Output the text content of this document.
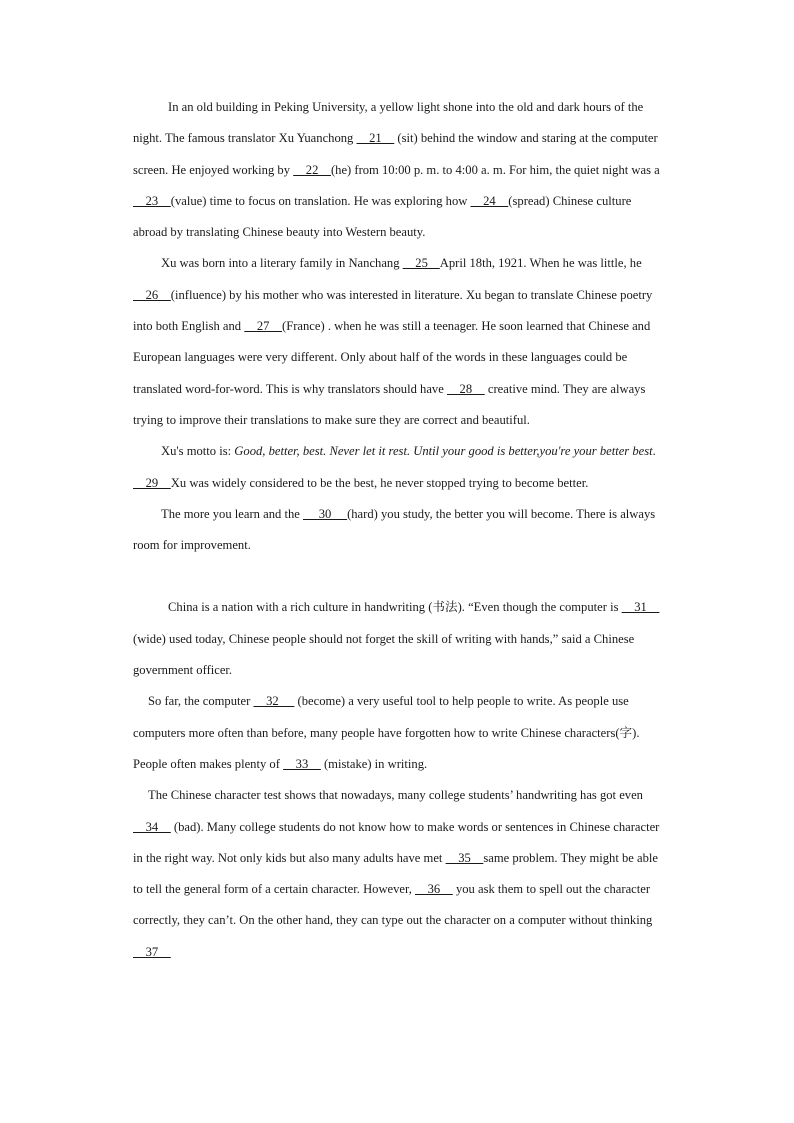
In an old building in Peking University, a yellow light shone into the old and dark hours of the night. The famous translator Xu Yuanchong     21     (sit) behind the window and staring at the computer screen. He enjoyed working by     22    (he) from 10:00 p. m. to 4:00 a. m. For him, the quiet night was a     23    (value) time to focus on translation. He was exploring how     24    (spread) Chinese culture abroad by translating Chinese beauty into Western beauty.

Xu was born into a literary family in Nanchang     25    April 18th, 1921. When he was little, he     26    (influence) by his mother who was interested in literature. Xu began to translate Chinese poetry into both English and     27    (France) . when he was still a teenager. He soon learned that Chinese and European languages were very different. Only about half of the words in these languages could be translated word-for-word. This is why translators should have     28     creative mind. They are always trying to improve their translations to make sure they are correct and beautiful.

Xu's motto is: Good, better, best. Never let it rest. Until your good is better,you're your better best.     29    Xu was widely considered to be the best, he never stopped trying to become better.

The more you learn and the      30     (hard) you study, the better you will become. There is always room for improvement.

China is a nation with a rich culture in handwriting (书法). “Even though the computer is     31     (wide) used today, Chinese people should not forget the skill of writing with hands,” said a Chinese government officer.

So far, the computer     32      (become) a very useful tool to help people to write. As people use computers more often than before, many people have forgotten how to write Chinese characters(字). People often makes plenty of     33     (mistake) in writing.

The Chinese character test shows that nowadays, many college students’ handwriting has got even     34     (bad). Many college students do not know how to make words or sentences in Chinese character in the right way. Not only kids but also many adults have met     35    same problem. They might be able to tell the general form of a certain character. However,     36     you ask them to spell out the character correctly, they can’t. On the other hand, they can type out the character on a computer without thinking     37
